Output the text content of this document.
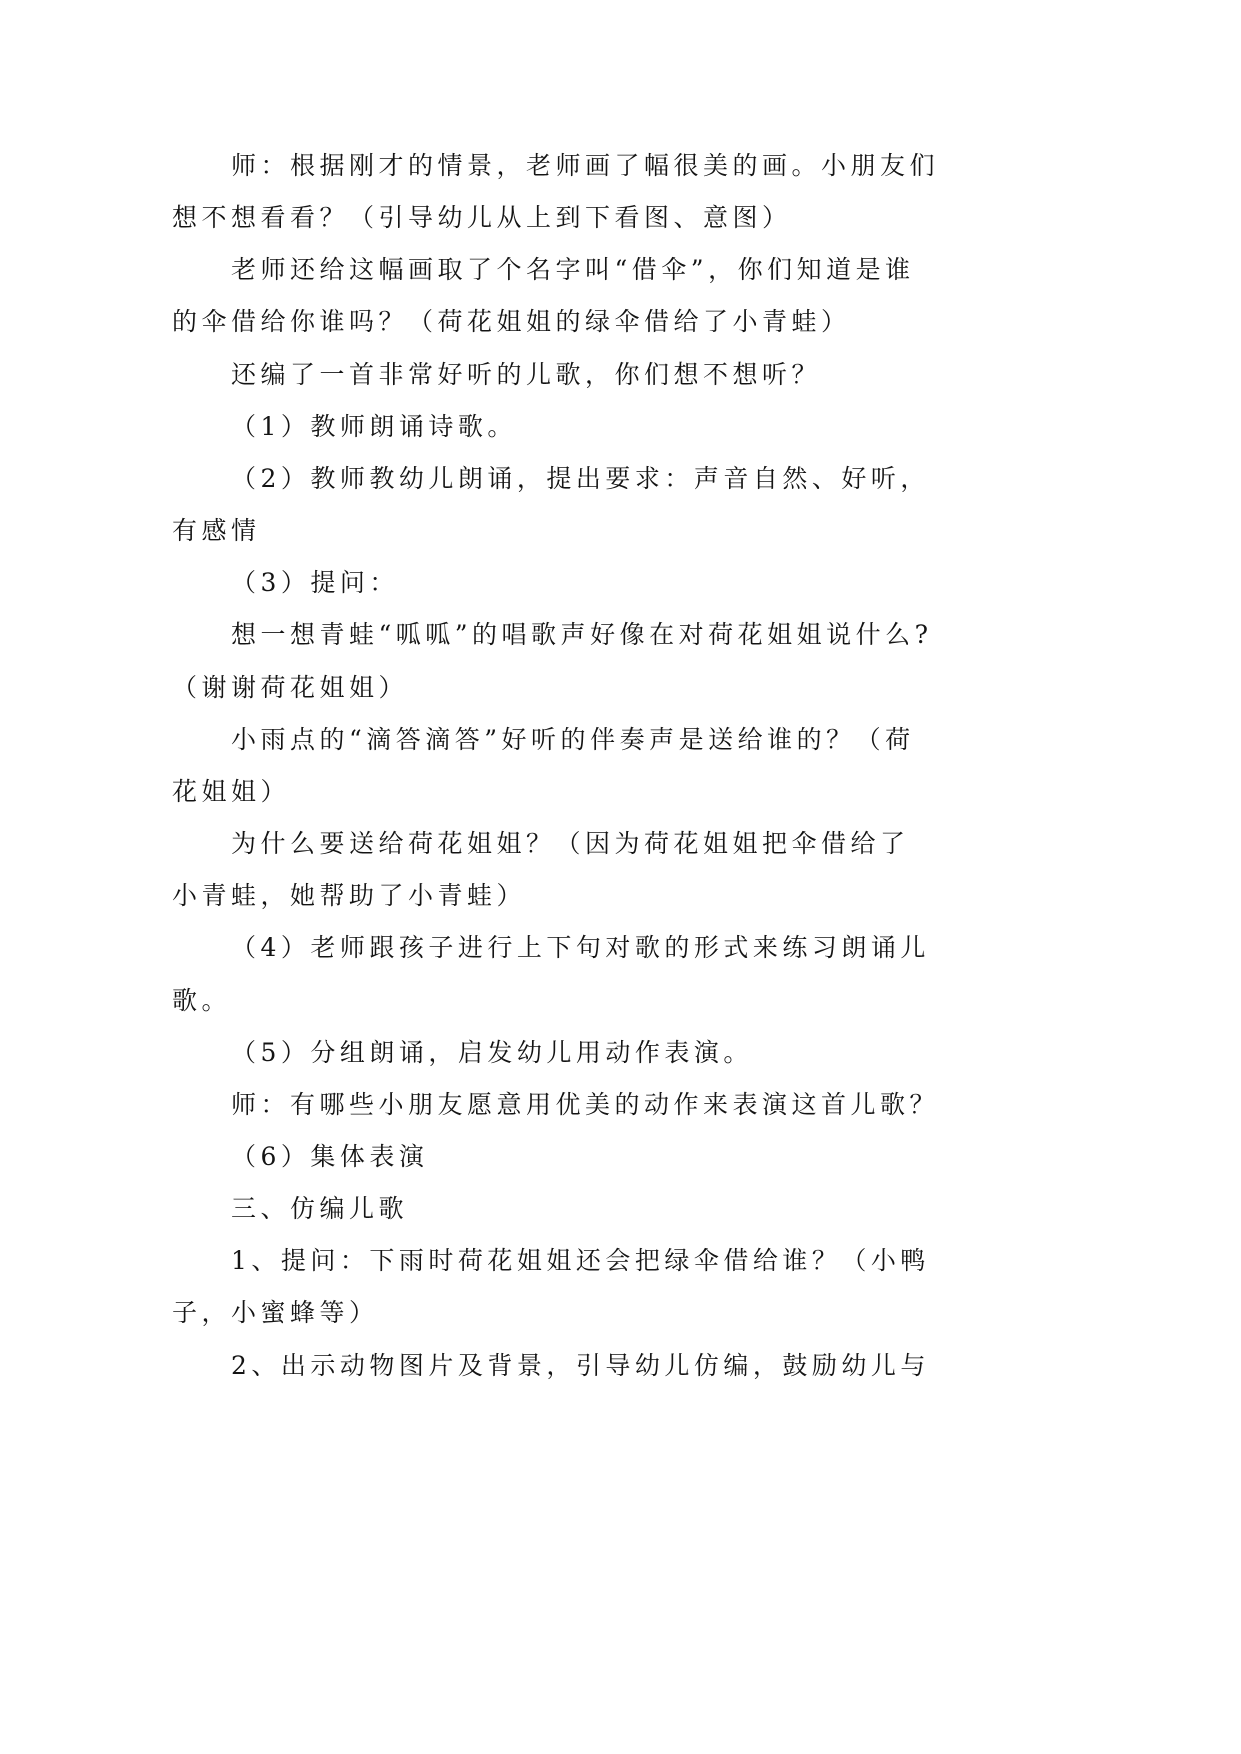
师：根据刚才的情景，老师画了幅很美的画。小朋友们
想不想看看？（引导幼儿从上到下看图、意图）
老师还给这幅画取了个名字叫“借伞”，你们知道是谁
的伞借给你谁吗？（荷花姐姐的绿伞借给了小青蛙）
还编了一首非常好听的儿歌，你们想不想听？
（1）教师朗诵诗歌。
（2）教师教幼儿朗诵，提出要求：声音自然、好听，
有感情
（3）提问：
想一想青蛙“呱呱”的唱歌声好像在对荷花姐姐说什么?
（谢谢荷花姐姐）
小雨点的“滴答滴答”好听的伴奏声是送给谁的？（荷
花姐姐）
为什么要送给荷花姐姐？（因为荷花姐姐把伞借给了
小青蛙，她帮助了小青蛙）
（4）老师跟孩子进行上下句对歌的形式来练习朗诵儿
歌。
（5）分组朗诵，启发幼儿用动作表演。
师：有哪些小朋友愿意用优美的动作来表演这首儿歌？
（6）集体表演
三、仿编儿歌
1、提问：下雨时荷花姐姐还会把绿伞借给谁？（小鸭
子，小蜜蜂等）
2、出示动物图片及背景，引导幼儿仿编，鼓励幼儿与
